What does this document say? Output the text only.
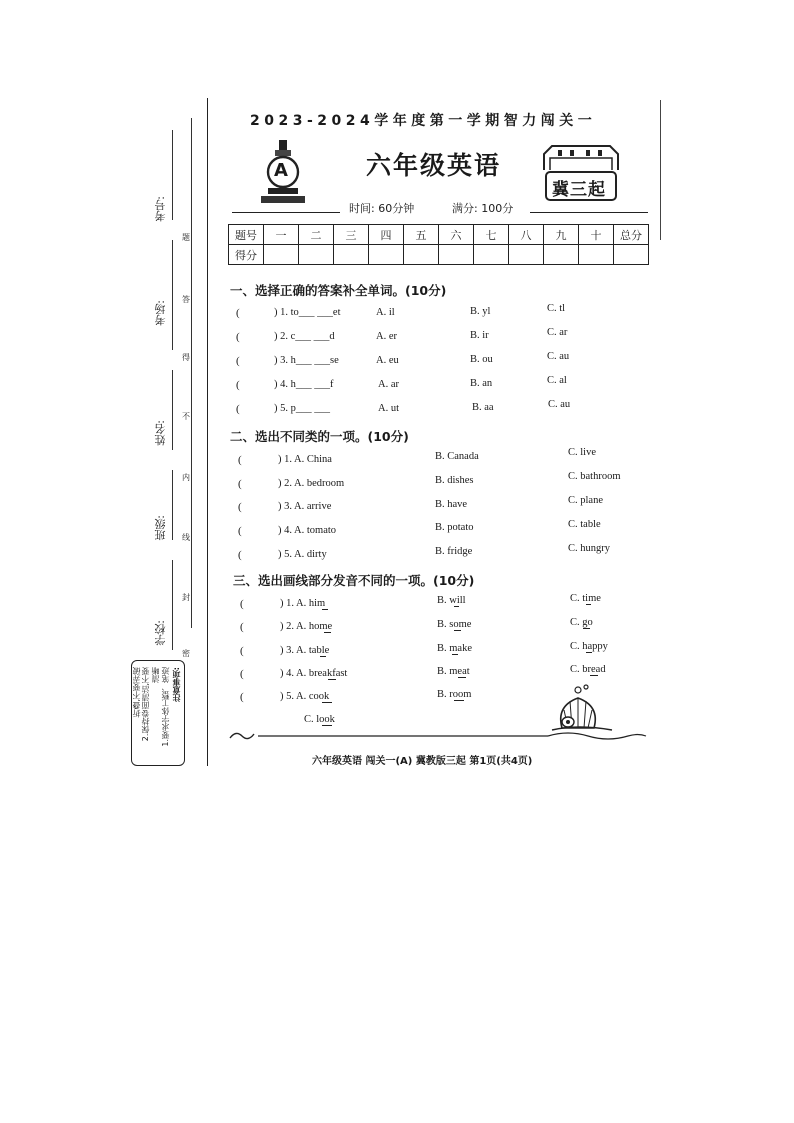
考号:
考场:
姓名:
班级:
学校:
题
答
得
不
内
线
封
密
注意事项:
1.要求字体工整、笔迹
清晰
2.保持卷面清洁,不要
折叠,不要弄破
2023-2024学年度第一学期智力闯关一
A	六年级英语
冀三起
时间: 60分钟	满分: 100分
题号	一	二	三	四	五	六	七	八	九	十	总分
得分											
一、选择正确的答案补全单词。(10分)
(	) 1. to___ ___et	A. il	B. yl	C. tl
(	) 2. c___ ___d	A. er	B. ir	C. ar
(	) 3. h___ ___se	A. eu	B. ou	C. au
(	) 4. h___ ___f	A. ar	B. an	C. al
(	) 5. p___ ___	A. ut	B. aa	C. au
二、选出不同类的一项。(10分)
(	) 1. A. China	B. Canada	C. live
(	) 2. A. bedroom	B. dishes	C. bathroom
(	) 3. A. arrive	B. have	C. plane
(	) 4. A. tomato	B. potato	C. table
(	) 5. A. dirty	B. fridge	C. hungry
三、选出画线部分发音不同的一项。(10分)
(	) 1. A. him	B. will	C. time
(	) 2. A. home	B. some	C. go
(	) 3. A. table	B. make	C. happy
(	) 4. A. breakfast	B. meat	C. bread
(	) 5. A. cook	B. room
C. look
六年级英语 闯关一(A) 冀教版三起 第1页(共4页)
